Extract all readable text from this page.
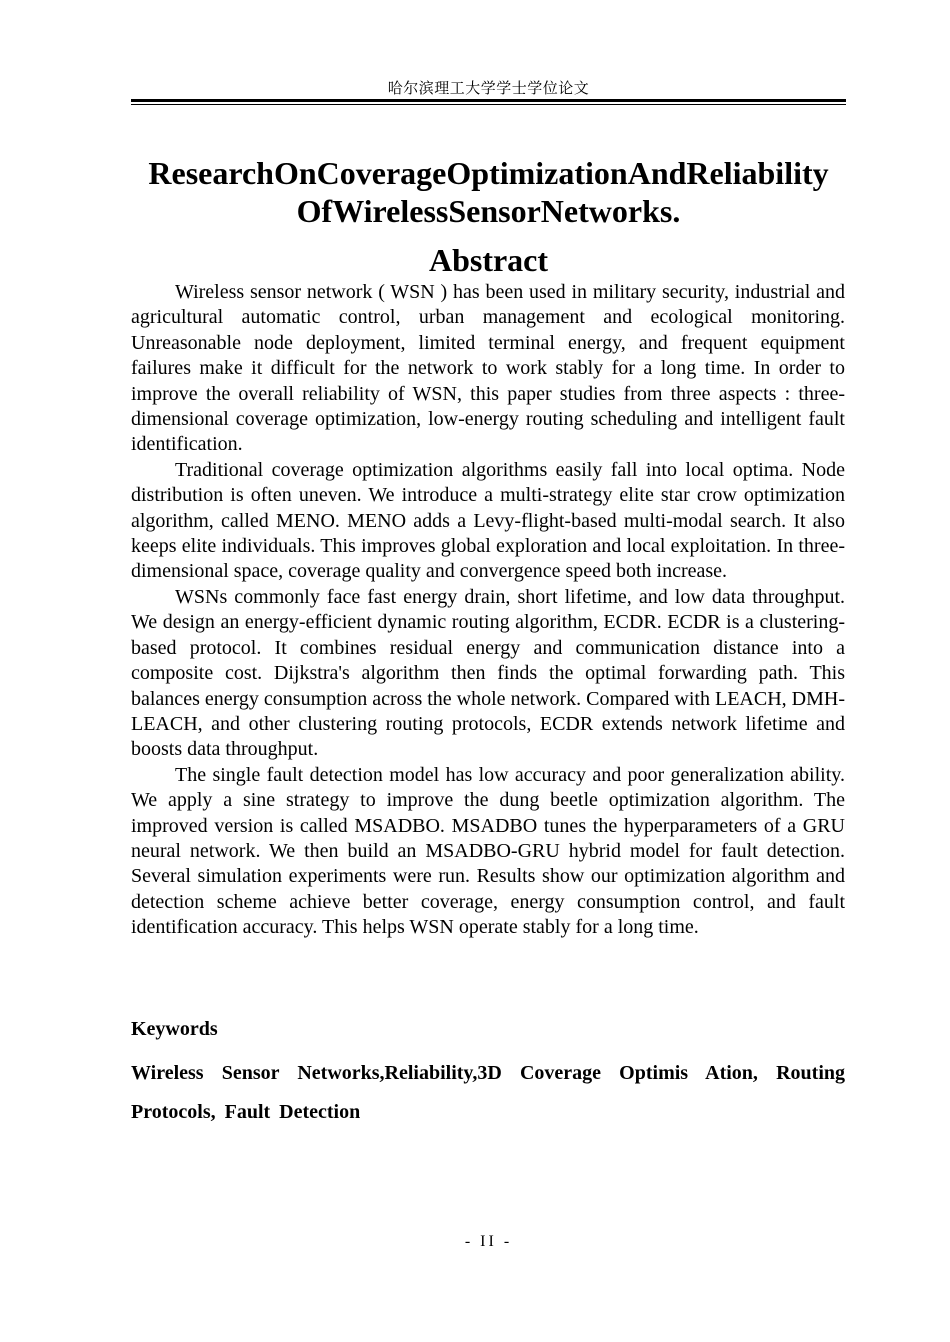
哈尔滨理工大学学士学位论文
ResearchOnCoverageOptimizationAndReliability
OfWirelessSensorNetworks.
Abstract

Wireless sensor network ( WSN ) has been used in military security, industrial and agricultural automatic control, urban management and ecological monitoring. Unreasonable node deployment, limited terminal energy, and frequent equipment failures make it difficult for the network to work stably for a long time. In order to improve the overall reliability of WSN, this paper studies from three aspects : three-dimensional coverage optimization, low-energy routing scheduling and intelligent fault identification.

Traditional coverage optimization algorithms easily fall into local optima. Node distribution is often uneven. We introduce a multi-strategy elite star crow optimization algorithm, called MENO. MENO adds a Levy-flight-based multi-modal search. It also keeps elite individuals. This improves global exploration and local exploitation. In three-dimensional space, coverage quality and convergence speed both increase.

WSNs commonly face fast energy drain, short lifetime, and low data throughput. We design an energy-efficient dynamic routing algorithm, ECDR. ECDR is a clustering-based protocol. It combines residual energy and communication distance into a composite cost. Dijkstra's algorithm then finds the optimal forwarding path. This balances energy consumption across the whole network. Compared with LEACH, DMH-LEACH, and other clustering routing protocols, ECDR extends network lifetime and boosts data throughput.

The single fault detection model has low accuracy and poor generalization ability. We apply a sine strategy to improve the dung beetle optimization algorithm. The improved version is called MSADBO. MSADBO tunes the hyperparameters of a GRU neural network. We then build an MSADBO-GRU hybrid model for fault detection. Several simulation experiments were run. Results show our optimization algorithm and detection scheme achieve better coverage, energy consumption control, and fault identification accuracy. This helps WSN operate stably for a long time.

Keywords
Wireless Sensor Networks,Reliability,3D Coverage Optimis Ation, Routing Protocols, Fault Detection
- II -
